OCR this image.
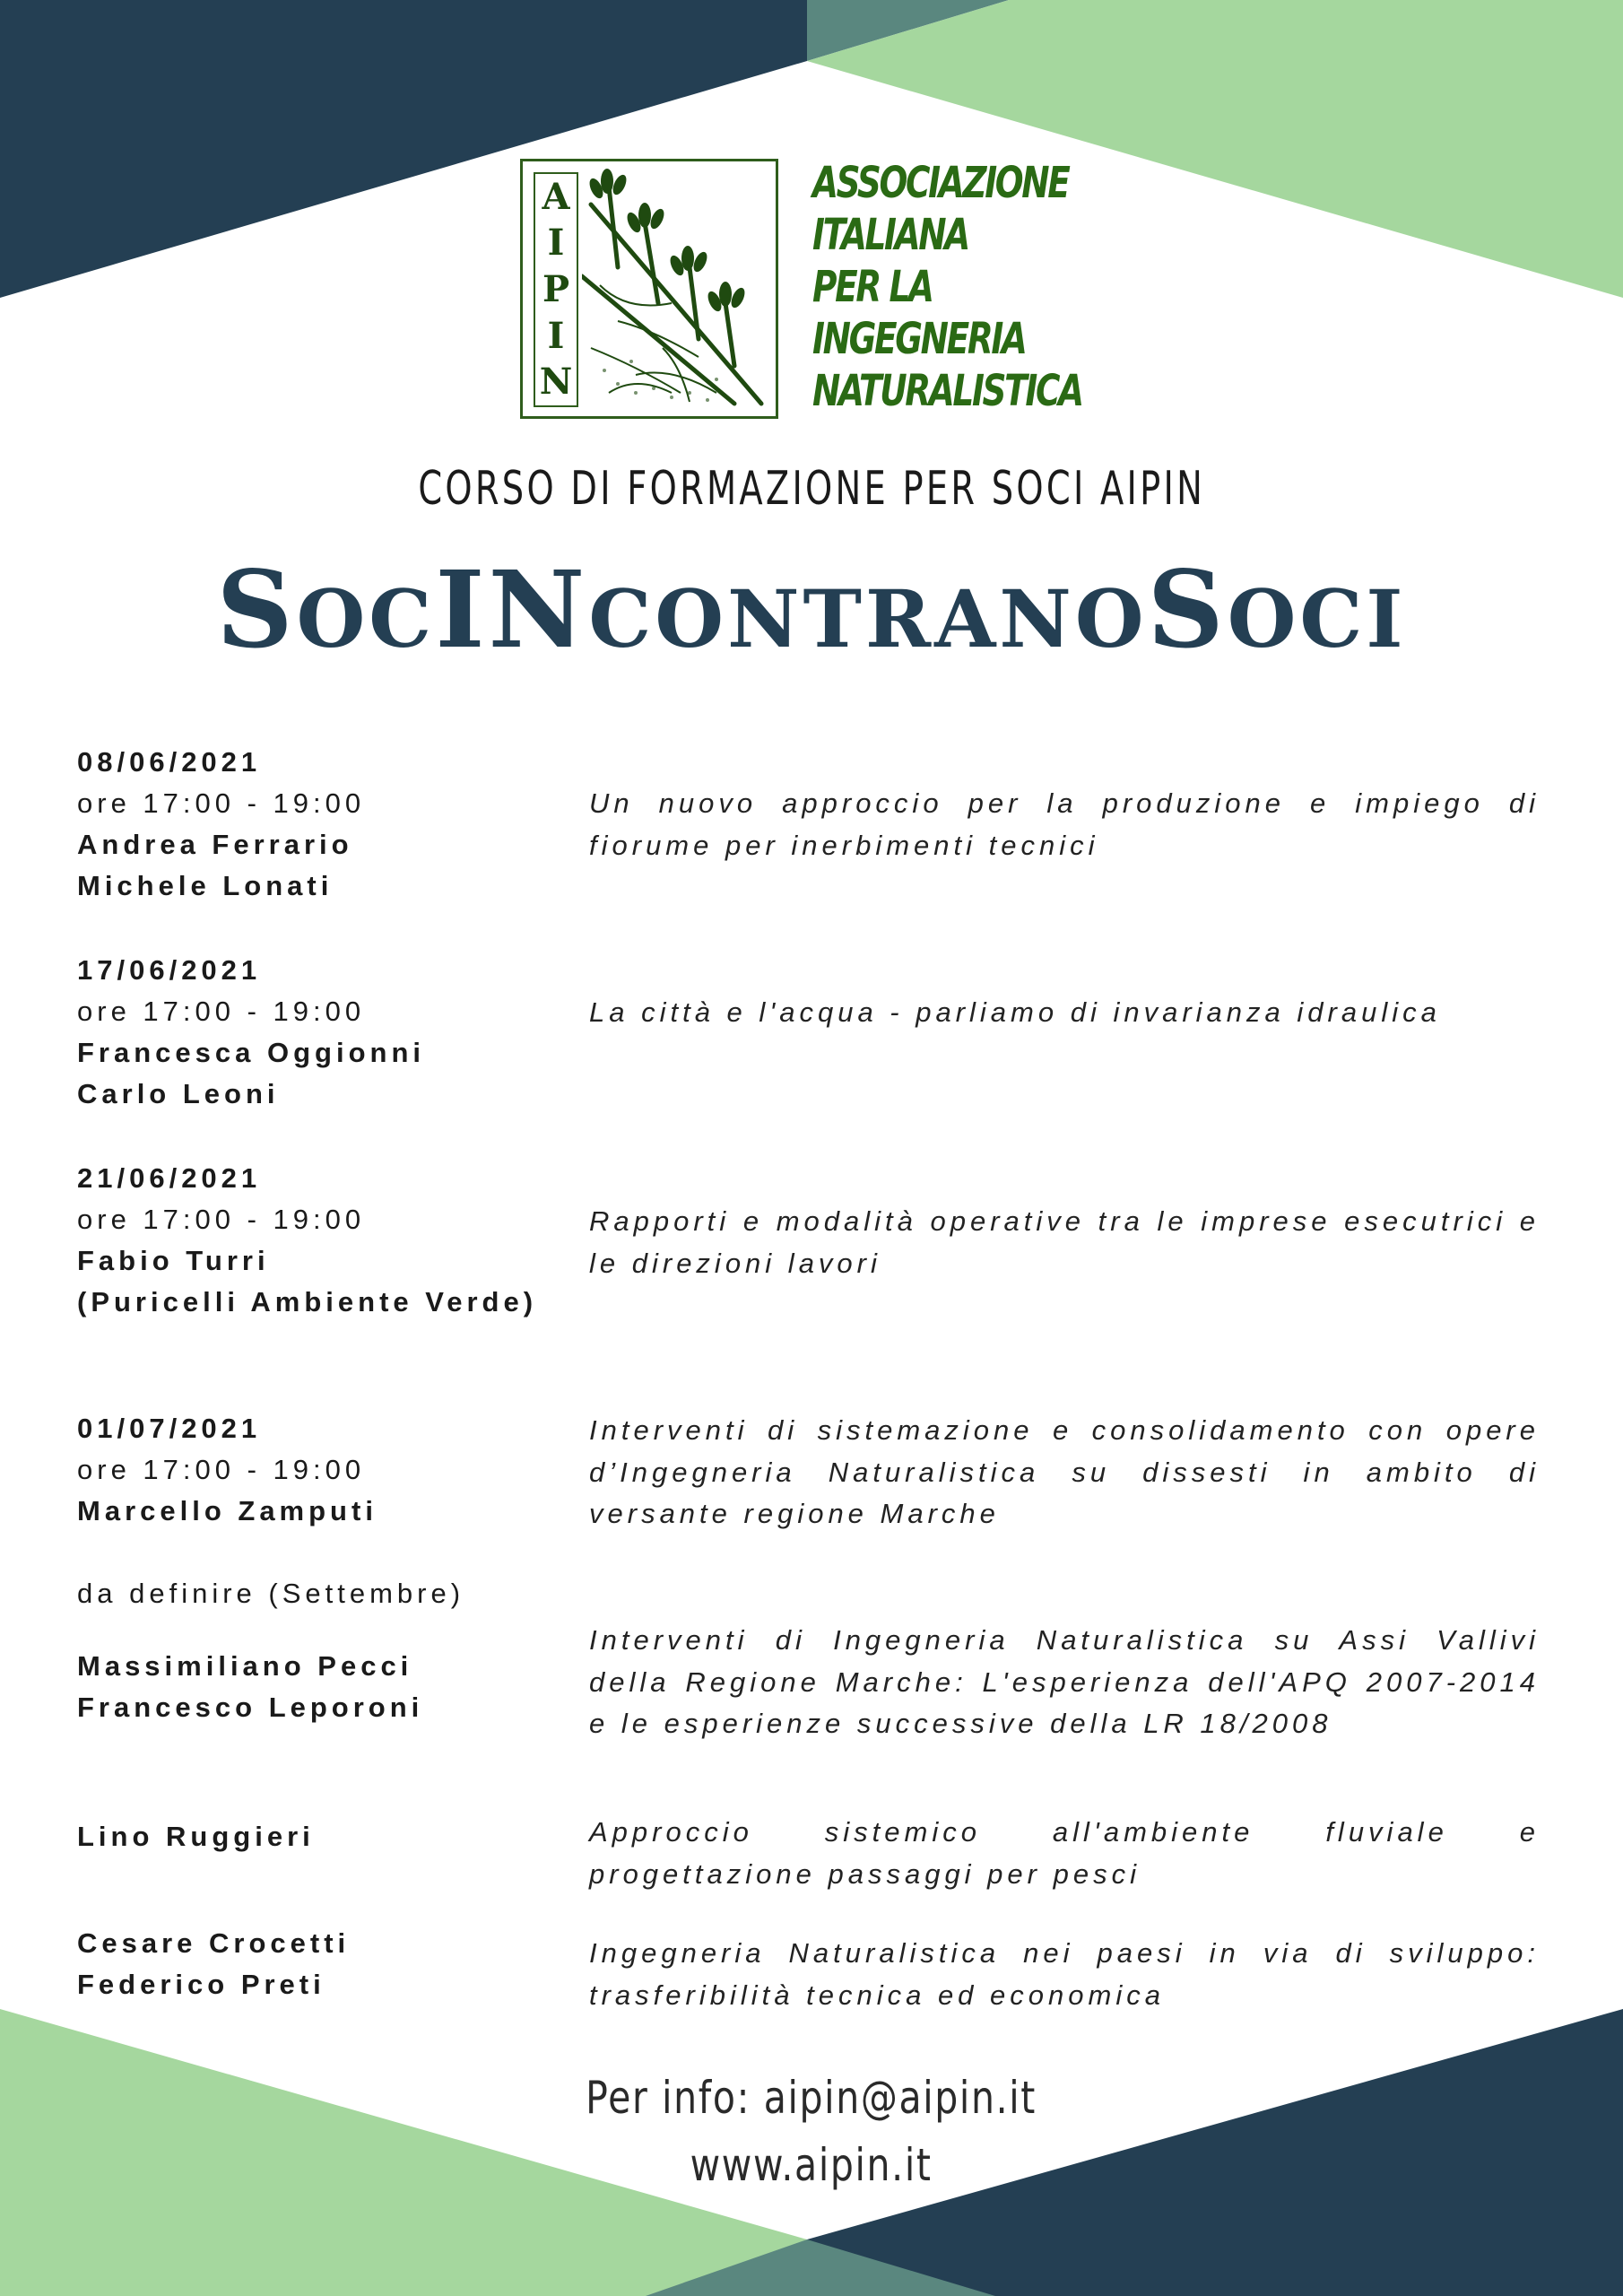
A
I
P
I
N
ASSOCIAZIONE
ITALIANA
PER LA
INGEGNERIA
NATURALISTICA
CORSO DI FORMAZIONE PER SOCI AIPIN
SOCINCONTRANOSOCI
08/06/2021
ore 17:00 - 19:00
Andrea Ferrario
Michele Lonati
Un nuovo approccio per la produzione e impiego di fiorume per inerbimenti tecnici
17/06/2021
ore 17:00 - 19:00
Francesca Oggionni
Carlo Leoni
La città e l'acqua - parliamo di invarianza idraulica
21/06/2021
ore 17:00 - 19:00
Fabio Turri
(Puricelli Ambiente Verde)
Rapporti e modalità operative tra le imprese esecutrici e le direzioni lavori
01/07/2021
ore 17:00 - 19:00
Marcello Zamputi
Interventi di sistemazione e consolidamento con opere d’Ingegneria Naturalistica su dissesti in ambito di versante regione Marche
da definire (Settembre)
Massimiliano Pecci
Francesco Leporoni
Interventi di Ingegneria Naturalistica su Assi Vallivi della Regione Marche: L'esperienza dell'APQ 2007-2014 e le esperienze successive della LR 18/2008
Lino Ruggieri	Approccio sistemico all'ambiente fluviale e progettazione passaggi per pesci
Cesare Crocetti
Federico Preti
Ingegneria Naturalistica nei paesi in via di sviluppo: trasferibilità tecnica ed economica
Per info: aipin@aipin.it
www.aipin.it
